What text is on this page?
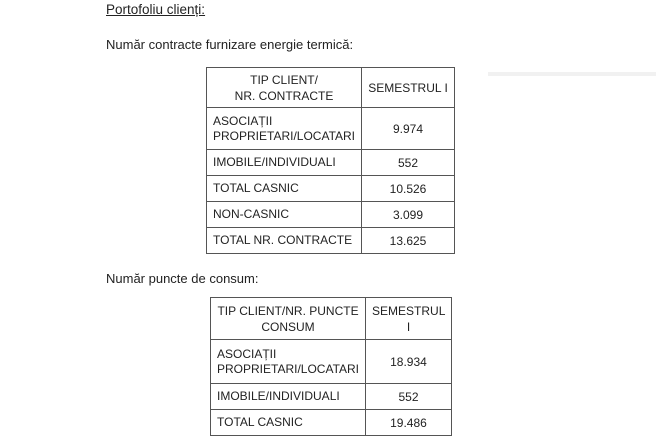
Portofoliu clienți:

Număr contracte furnizare energie termică:

TIP CLIENT/
NR. CONTRACTE	SEMESTRUL I
ASOCIAȚII
PROPRIETARI/LOCATARI	9.974
IMOBILE/INDIVIDUALI	552
TOTAL CASNIC	10.526
NON-CASNIC	3.099
TOTAL NR. CONTRACTE	13.625

Număr puncte de consum:

TIP CLIENT/NR. PUNCTE
CONSUM	SEMESTRUL I
ASOCIAȚII
PROPRIETARI/LOCATARI	18.934
IMOBILE/INDIVIDUALI	552
TOTAL CASNIC	19.486
